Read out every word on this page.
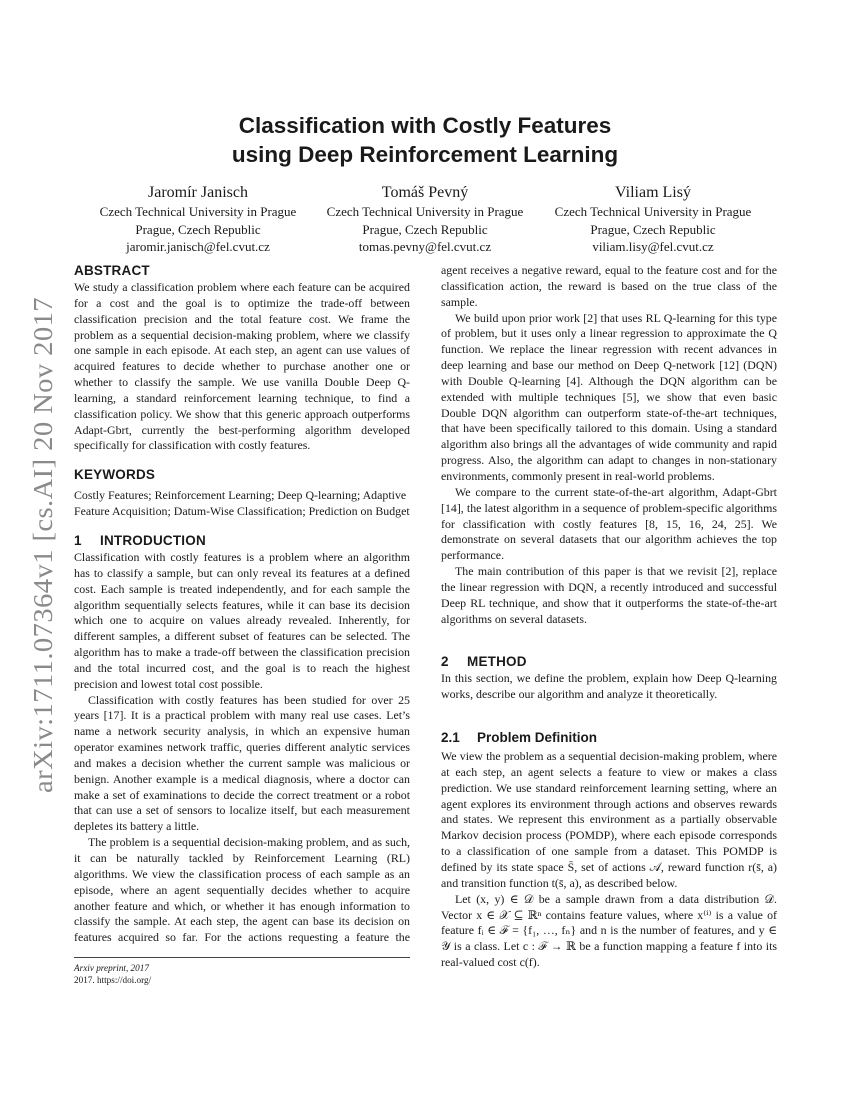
arXiv:1711.07364v1 [cs.AI] 20 Nov 2017
Classification with Costly Features
using Deep Reinforcement Learning
Jaromír Janisch
Czech Technical University in Prague
Prague, Czech Republic
jaromir.janisch@fel.cvut.cz
Tomáš Pevný
Czech Technical University in Prague
Prague, Czech Republic
tomas.pevny@fel.cvut.cz
Viliam Lisý
Czech Technical University in Prague
Prague, Czech Republic
viliam.lisy@fel.cvut.cz
ABSTRACT

We study a classification problem where each feature can be acquired for a cost and the goal is to optimize the trade-off between classification precision and the total feature cost. We frame the problem as a sequential decision-making problem, where we classify one sample in each episode. At each step, an agent can use values of acquired features to decide whether to purchase another one or whether to classify the sample. We use vanilla Double Deep Q-learning, a standard reinforcement learning technique, to find a classification policy. We show that this generic approach outperforms Adapt-Gbrt, currently the best-performing algorithm developed specifically for classification with costly features.

KEYWORDS

Costly Features; Reinforcement Learning; Deep Q-learning; Adaptive Feature Acquisition; Datum-Wise Classification; Prediction on Budget

1 INTRODUCTION

Classification with costly features is a problem where an algorithm has to classify a sample, but can only reveal its features at a defined cost. Each sample is treated independently, and for each sample the algorithm sequentially selects features, while it can base its decision which one to acquire on values already revealed. Inherently, for different samples, a different subset of features can be selected. The algorithm has to make a trade-off between the classification precision and the total incurred cost, and the goal is to reach the highest precision and lowest total cost possible.

Classification with costly features has been studied for over 25 years [17]. It is a practical problem with many real use cases. Let’s name a network security analysis, in which an expensive human operator examines network traffic, queries different analytic services and makes a decision whether the current sample was malicious or benign. Another example is a medical diagnosis, where a doctor can make a set of examinations to decide the correct treatment or a robot that can use a set of sensors to localize itself, but each measurement depletes its battery a little.

The problem is a sequential decision-making problem, and as such, it can be naturally tackled by Reinforcement Learning (RL) algorithms. We view the classification process of each sample as an episode, where an agent sequentially decides whether to acquire another feature and which, or whether it has enough information to classify the sample. At each step, the agent can base its decision on features acquired so far. For the actions requesting a feature the

agent receives a negative reward, equal to the feature cost and for the classification action, the reward is based on the true class of the sample.

We build upon prior work [2] that uses RL Q-learning for this type of problem, but it uses only a linear regression to approximate the Q function. We replace the linear regression with recent advances in deep learning and base our method on Deep Q-network [12] (DQN) with Double Q-learning [4]. Although the DQN algorithm can be extended with multiple techniques [5], we show that even basic Double DQN algorithm can outperform state-of-the-art techniques, that have been specifically tailored to this domain. Using a standard algorithm also brings all the advantages of wide community and rapid progress. Also, the algorithm can adapt to changes in non-stationary environments, commonly present in real-world problems.

We compare to the current state-of-the-art algorithm, Adapt-Gbrt [14], the latest algorithm in a sequence of problem-specific algorithms for classification with costly features [8, 15, 16, 24, 25]. We demonstrate on several datasets that our algorithm achieves the top performance.

The main contribution of this paper is that we revisit [2], replace the linear regression with DQN, a recently introduced and successful Deep RL technique, and show that it outperforms the state-of-the-art algorithms on several datasets.

2 METHOD

In this section, we define the problem, explain how Deep Q-learning works, describe our algorithm and analyze it theoretically.

2.1 Problem Definition

We view the problem as a sequential decision-making problem, where at each step, an agent selects a feature to view or makes a class prediction. We use standard reinforcement learning setting, where an agent explores its environment through actions and observes rewards and states. We represent this environment as a partially observable Markov decision process (POMDP), where each episode corresponds to a classification of one sample from a dataset. This POMDP is defined by its state space S̄, set of actions 𝒜, reward function r(s̄, a) and transition function t(s̄, a), as described below.

Let (x, y) ∈ 𝒟 be a sample drawn from a data distribution 𝒟. Vector x ∈ 𝒳 ⊆ ℝⁿ contains feature values, where x⁽ⁱ⁾ is a value of feature fᵢ ∈ ℱ = {f₁, …, fₙ} and n is the number of features, and y ∈ 𝒴 is a class. Let c : ℱ → ℝ be a function mapping a feature f into its real-valued cost c(f).

Arxiv preprint, 2017
2017. https://doi.org/
